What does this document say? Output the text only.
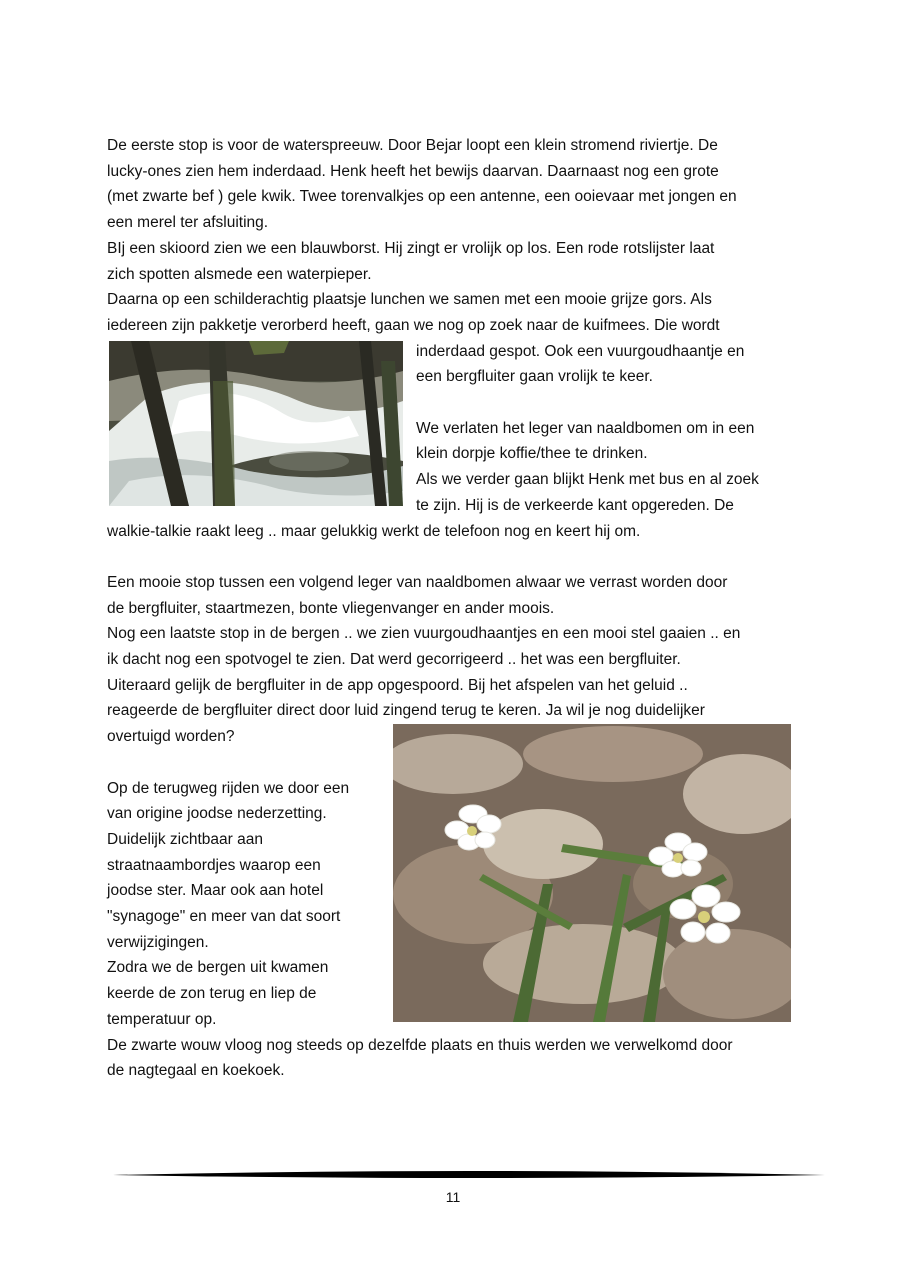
De eerste stop is voor de waterspreeuw. Door Bejar loopt een klein stromend riviertje. De
lucky-ones zien hem inderdaad. Henk heeft het bewijs daarvan. Daarnaast nog een grote
(met zwarte bef ) gele kwik. Twee torenvalkjes op een antenne, een ooievaar met jongen en
een merel ter afsluiting.
BIj een skioord zien we een blauwborst. Hij zingt er vrolijk op los. Een rode rotslijster laat
zich spotten alsmede een waterpieper.
Daarna op een schilderachtig plaatsje lunchen we samen met een mooie grijze gors. Als
iedereen zijn pakketje verorberd heeft, gaan we nog op zoek naar de kuifmees. Die wordt
inderdaad gespot. Ook een vuurgoudhaantje en
een bergfluiter gaan vrolijk te keer.
We verlaten het leger van naaldbomen om in een
klein dorpje koffie/thee te drinken.
Als we verder gaan blijkt Henk met bus en al zoek
te zijn. Hij is de verkeerde kant opgereden. De
walkie-talkie raakt leeg .. maar gelukkig werkt de telefoon nog en keert hij om.
Een mooie stop tussen een volgend leger van naaldbomen alwaar we verrast worden door
de bergfluiter, staartmezen, bonte vliegenvanger en ander moois.
Nog een laatste stop in de bergen .. we zien vuurgoudhaantjes en een mooi stel gaaien .. en
ik dacht nog een spotvogel te zien. Dat werd gecorrigeerd .. het was een bergfluiter.
Uiteraard gelijk de bergfluiter in de app opgespoord. Bij het afspelen van het geluid ..
reageerde de bergfluiter direct door luid zingend terug te keren. Ja wil je nog duidelijker
overtuigd worden?
Op de terugweg rijden we door een
van origine joodse nederzetting.
Duidelijk zichtbaar aan
straatnaambordjes waarop een
joodse ster. Maar ook aan hotel
"synagoge" en meer van dat soort
verwijzigingen.
Zodra we de bergen uit kwamen
keerde de zon terug en liep de
temperatuur op.
De zwarte wouw vloog nog steeds op dezelfde plaats en thuis werden we verwelkomd door
de nagtegaal en koekoek.
11
